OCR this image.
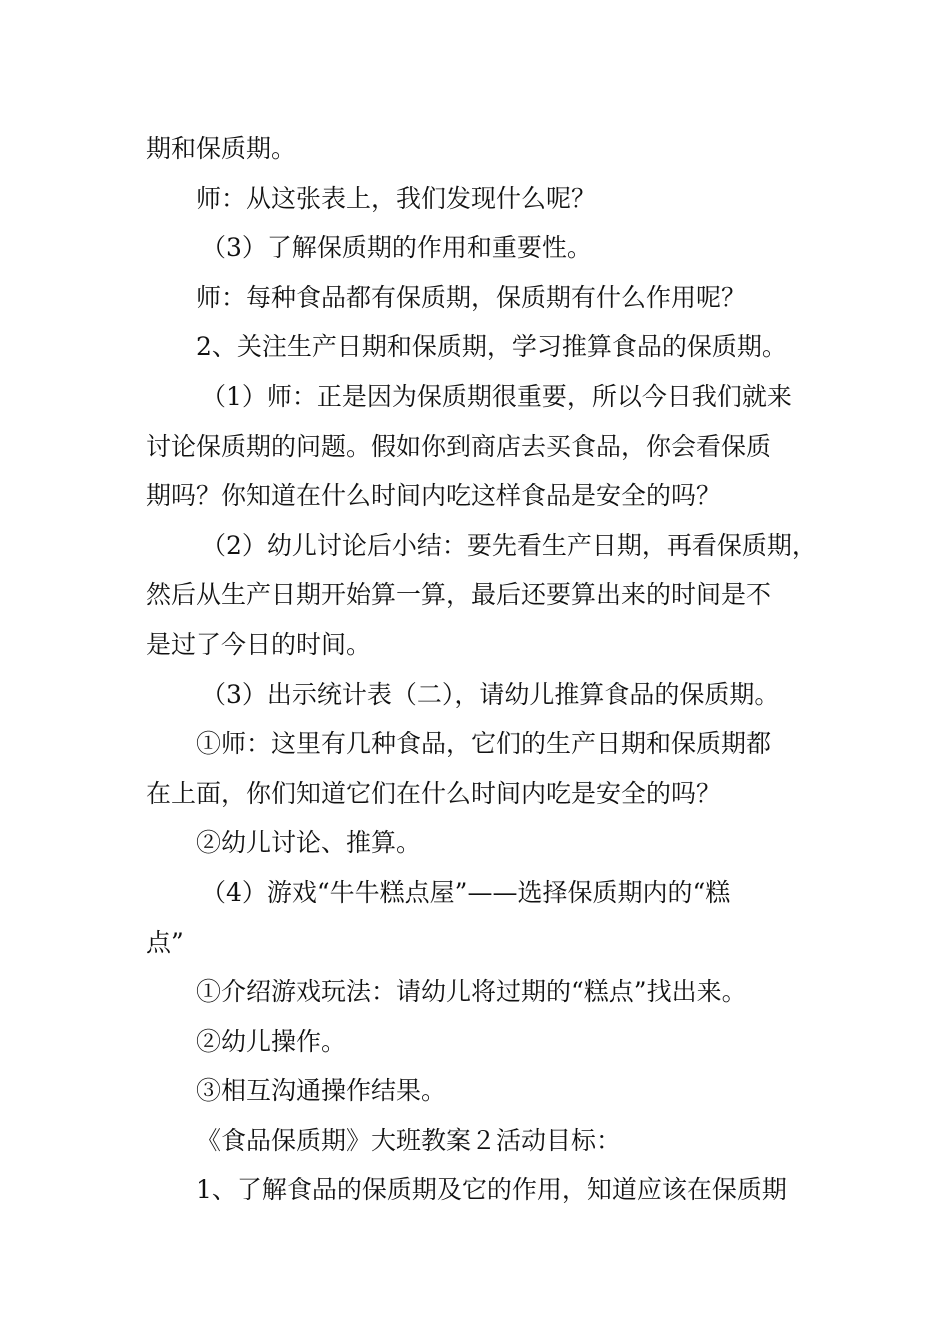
期和保质期。

师：从这张表上，我们发现什么呢？

（3）了解保质期的作用和重要性。

师：每种食品都有保质期，保质期有什么作用呢？

2、关注生产日期和保质期，学习推算食品的保质期。

（1）师：正是因为保质期很重要，所以今日我们就来
讨论保质期的问题。假如你到商店去买食品，你会看保质
期吗？你知道在什么时间内吃这样食品是安全的吗？

（2）幼儿讨论后小结：要先看生产日期，再看保质期，
然后从生产日期开始算一算，最后还要算出来的时间是不
是过了今日的时间。

（3）出示统计表（二），请幼儿推算食品的保质期。

①师：这里有几种食品，它们的生产日期和保质期都
在上面，你们知道它们在什么时间内吃是安全的吗？

②幼儿讨论、推算。

（4）游戏“牛牛糕点屋”——选择保质期内的“糕
点”

①介绍游戏玩法：请幼儿将过期的“糕点”找出来。

②幼儿操作。

③相互沟通操作结果。

《食品保质期》大班教案２活动目标：

1、了解食品的保质期及它的作用，知道应该在保质期
